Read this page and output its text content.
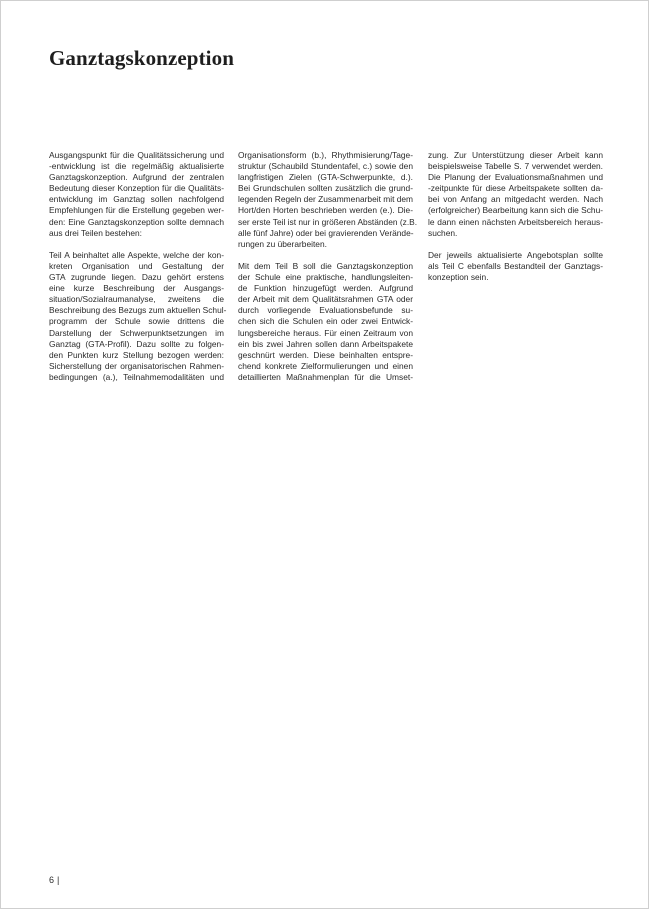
Ganztagskonzeption

Ausgangspunkt für die Qualitätssicherung und
-entwicklung ist die regelmäßig aktualisierte
Ganztagskonzeption. Aufgrund der zentralen
Bedeutung dieser Konzeption für die Qualitäts-
entwicklung im Ganztag sollen nachfolgend
Empfehlungen für die Erstellung gegeben wer-
den: Eine Ganztagskonzeption sollte demnach
aus drei Teilen bestehen:

Teil A beinhaltet alle Aspekte, welche der kon-
kreten Organisation und Gestaltung der
GTA zugrunde liegen. Dazu gehört erstens
eine kurze Beschreibung der Ausgangs-
situation/Sozialraumanalyse, zweitens die
Beschreibung des Bezugs zum aktuellen Schul-
programm der Schule sowie drittens die
Darstellung der Schwerpunktsetzungen im
Ganztag (GTA-Profil). Dazu sollte zu folgen-
den Punkten kurz Stellung bezogen werden:
Sicherstellung der organisatorischen Rahmen-
bedingungen (a.), Teilnahmemodalitäten und

Organisationsform (b.), Rhythmisierung/Tage-
struktur (Schaubild Stundentafel, c.) sowie den
langfristigen Zielen (GTA-Schwerpunkte, d.).
Bei Grundschulen sollten zusätzlich die grund-
legenden Regeln der Zusammenarbeit mit dem
Hort/den Horten beschrieben werden (e.). Die-
ser erste Teil ist nur in größeren Abständen (z.B.
alle fünf Jahre) oder bei gravierenden Verände-
rungen zu überarbeiten.

Mit dem Teil B soll die Ganztagskonzeption
der Schule eine praktische, handlungsleiten-
de Funktion hinzugefügt werden. Aufgrund
der Arbeit mit dem Qualitätsrahmen GTA oder
durch vorliegende Evaluationsbefunde su-
chen sich die Schulen ein oder zwei Entwick-
lungsbereiche heraus. Für einen Zeitraum von
ein bis zwei Jahren sollen dann Arbeitspakete
geschnürt werden. Diese beinhalten entspre-
chend konkrete Zielformulierungen und einen
detaillierten Maßnahmenplan für die Umset-

zung. Zur Unterstützung dieser Arbeit kann
beispielsweise Tabelle S. 7 verwendet werden.
Die Planung der Evaluationsmaßnahmen und
-zeitpunkte für diese Arbeitspakete sollten da-
bei von Anfang an mitgedacht werden. Nach
(erfolgreicher) Bearbeitung kann sich die Schu-
le dann einen nächsten Arbeitsbereich heraus-
suchen.

Der jeweils aktualisierte Angebotsplan sollte
als Teil C ebenfalls Bestandteil der Ganztags-
konzeption sein.

6 |
